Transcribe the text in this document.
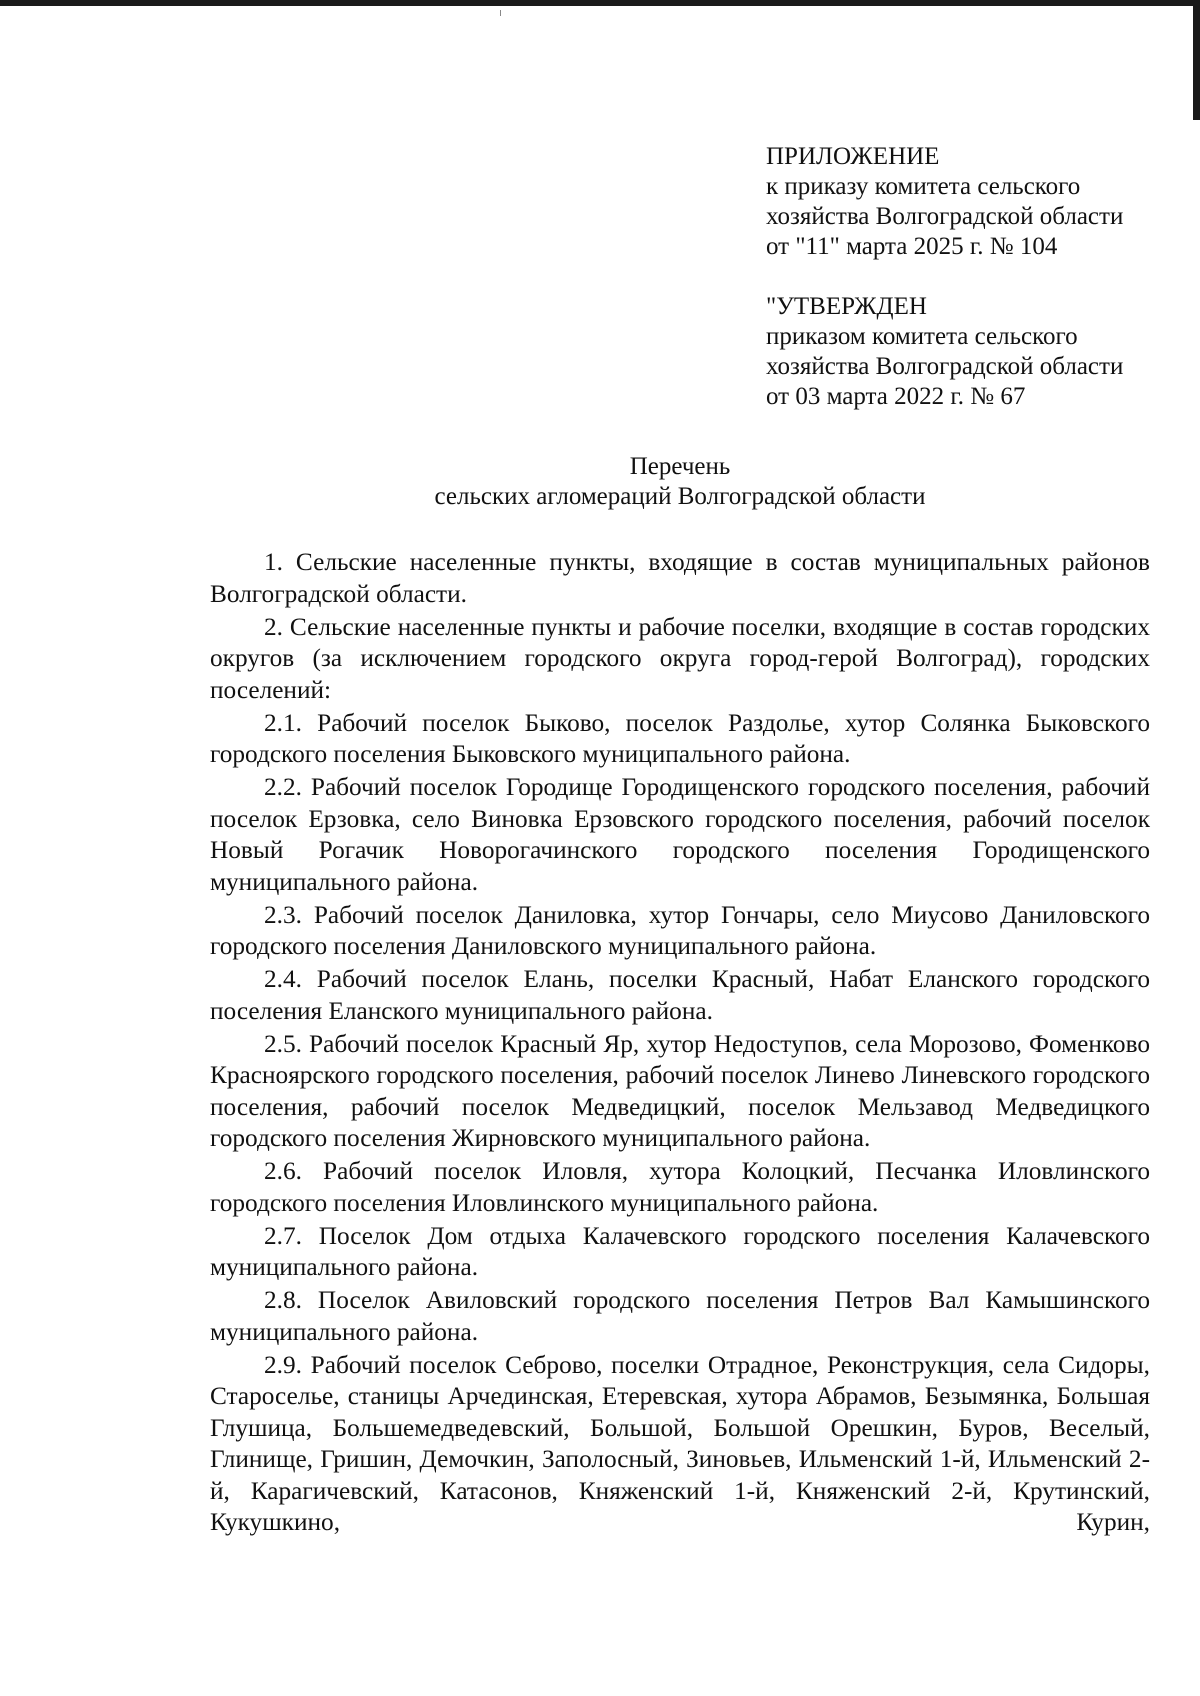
ПРИЛОЖЕНИЕ
к приказу комитета сельского
хозяйства Волгоградской области
от "11" марта 2025 г. № 104
"УТВЕРЖДЕН
приказом комитета сельского
хозяйства Волгоградской области
от 03 марта 2022 г. № 67
Перечень
сельских агломераций Волгоградской области

1. Сельские населенные пункты, входящие в состав муниципальных районов Волгоградской области.

2. Сельские населенные пункты и рабочие поселки, входящие в состав городских округов (за исключением городского округа город-герой Волгоград), городских поселений:

2.1. Рабочий поселок Быково, поселок Раздолье, хутор Солянка Быковского городского поселения Быковского муниципального района.

2.2. Рабочий поселок Городище Городищенского городского поселения, рабочий поселок Ерзовка, село Виновка Ерзовского городского поселения, рабочий поселок Новый Рогачик Новорогачинского городского поселения Городищенского муниципального района.

2.3. Рабочий поселок Даниловка, хутор Гончары, село Миусово Даниловского городского поселения Даниловского муниципального района.

2.4. Рабочий поселок Елань, поселки Красный, Набат Еланского городского поселения Еланского муниципального района.

2.5. Рабочий поселок Красный Яр, хутор Недоступов, села Морозово, Фоменково Краснoярского городского поселения, рабочий поселок Линево Линевского городского поселения, рабочий поселок Медведицкий, поселок Мельзавод Медведицкого городского поселения Жирновского муниципального района.

2.6. Рабочий поселок Иловля, хутора Колоцкий, Песчанка Иловлинского городского поселения Иловлинского муниципального района.

2.7. Поселок Дом отдыха Калачевского городского поселения Калачевского муниципального района.

2.8. Поселок Авиловский городского поселения Петров Вал Камышинского муниципального района.

2.9. Рабочий поселок Себрово, поселки Отрадное, Реконструкция, села Сидоры, Староселье, станицы Арчединская, Етеревская, хутора Абрамов, Безымянка, Большая Глушица, Большемедведевский, Большой, Большой Орешкин, Буров, Веселый, Глинище, Гришин, Демочкин, Заполосный, Зиновьев, Ильменский 1-й, Ильменский 2-й, Карагичевский, Катасонов, Княженский 1-й, Княженский 2-й, Крутинский, Кукушкино, Курин,
